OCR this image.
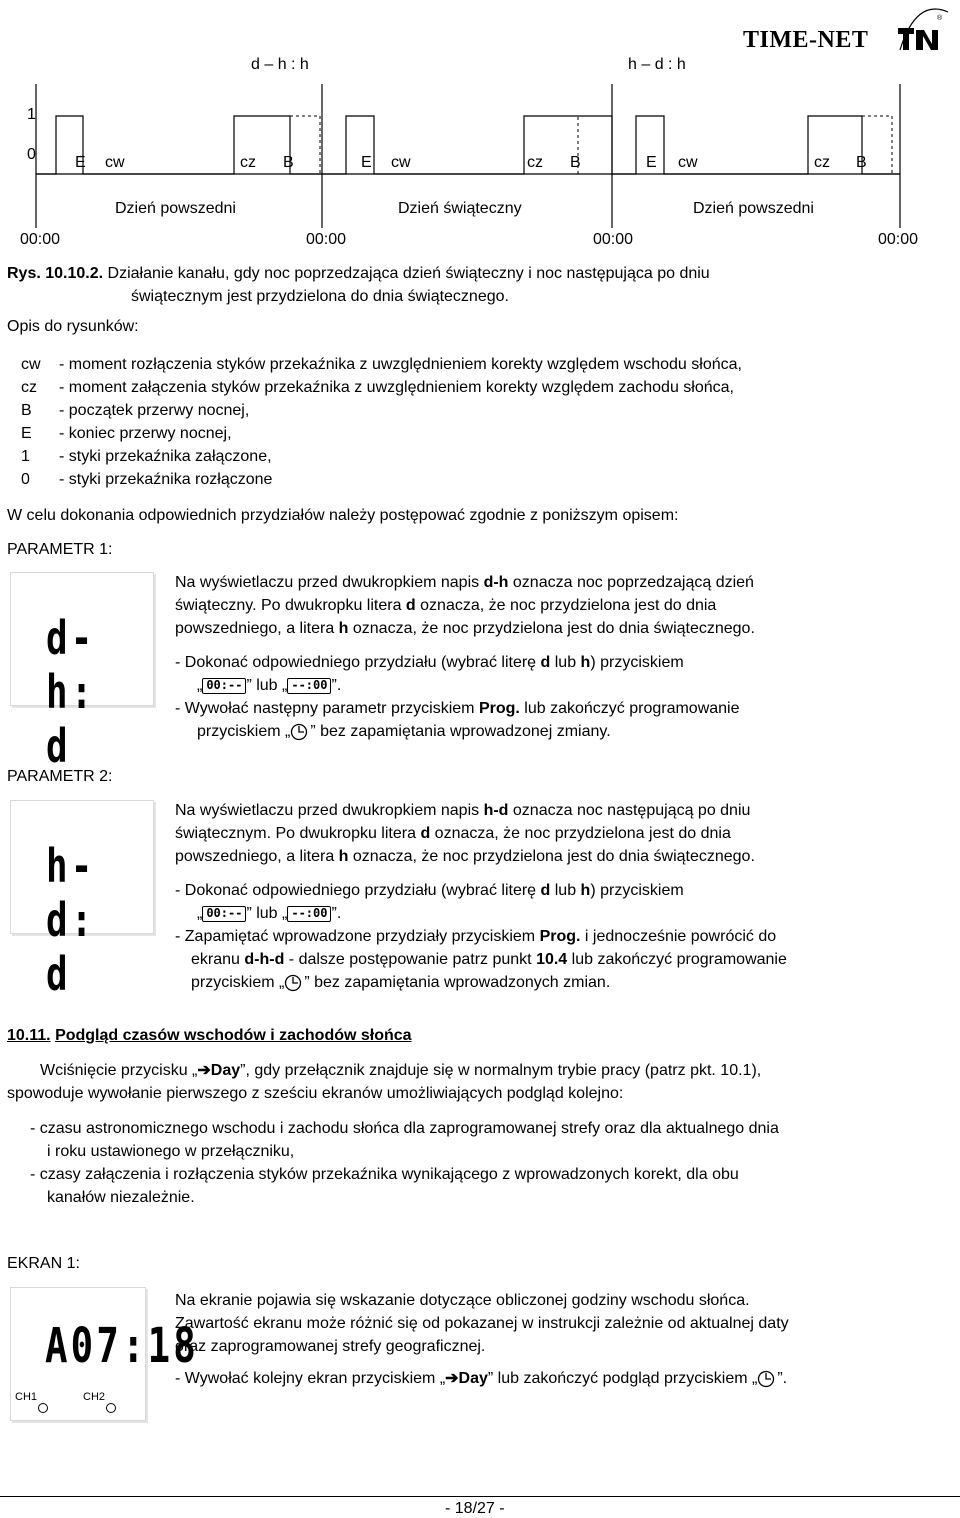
TIME-NET
®
d – h : h	h – d : h
1
0 E cw	cz B	E cw	cz B	E cw	cz B
Dzień powszedni	Dzień świąteczny	Dzień powszedni
00:00	00:00	00:00	00:00
Rys. 10.10.2. Działanie kanału, gdy noc poprzedzająca dzień świąteczny i noc następująca po dniu
świątecznym jest przydzielona do dnia świątecznego.
Opis do rysunków:
cw - moment rozłączenia styków przekaźnika z uwzględnieniem korekty względem wschodu słońca,
cz - moment załączenia styków przekaźnika z uwzględnieniem korekty względem zachodu słońca,
B - początek przerwy nocnej,
E - koniec przerwy nocnej,
1 - styki przekaźnika załączone,
0 - styki przekaźnika rozłączone
W celu dokonania odpowiednich przydziałów należy postępować zgodnie z poniższym opisem:
PARAMETR 1:
d-h: d
Na wyświetlaczu przed dwukropkiem napis d-h oznacza noc poprzedzającą dzień
świąteczny. Po dwukropku litera d oznacza, że noc przydzielona jest do dnia
powszedniego, a litera h oznacza, że noc przydzielona jest do dnia świątecznego.
- Dokonać odpowiedniego przydziału (wybrać literę d lub h) przyciskiem
„ 00:-- ” lub „ --:00 ”.
- Wywołać następny parametr przyciskiem Prog. lub zakończyć programowanie
przyciskiem „ ” bez zapamiętania wprowadzonej zmiany.
PARAMETR 2:
h-d: d
Na wyświetlaczu przed dwukropkiem napis h-d oznacza noc następującą po dniu
świątecznym. Po dwukropku litera d oznacza, że noc przydzielona jest do dnia
powszedniego, a litera h oznacza, że noc przydzielona jest do dnia świątecznego.
- Dokonać odpowiedniego przydziału (wybrać literę d lub h) przyciskiem
„ 00:-- ” lub „ --:00 ”.
- Zapamiętać wprowadzone przydziały przyciskiem Prog. i jednocześnie powrócić do
ekranu d-h-d - dalsze postępowanie patrz punkt 10.4 lub zakończyć programowanie
przyciskiem „ ” bez zapamiętania wprowadzonych zmian.
10.11. Podgląd czasów wschodów i zachodów słońca
Wciśnięcie przycisku „➔Day”, gdy przełącznik znajduje się w normalnym trybie pracy (patrz pkt. 10.1),
spowoduje wywołanie pierwszego z sześciu ekranów umożliwiających podgląd kolejno:
- czasu astronomicznego wschodu i zachodu słońca dla zaprogramowanej strefy oraz dla aktualnego dnia
i roku ustawionego w przełączniku,
- czasy załączenia i rozłączenia styków przekaźnika wynikającego z wprowadzonych korekt, dla obu
kanałów niezależnie.
EKRAN 1:
A07:18
CH1	CH2
Na ekranie pojawia się wskazanie dotyczące obliczonej godziny wschodu słońca.
Zawartość ekranu może różnić się od pokazanej w instrukcji zależnie od aktualnej daty
oraz zaprogramowanej strefy geograficznej.
- Wywołać kolejny ekran przyciskiem „➔Day” lub zakończyć podgląd przyciskiem „ ”.
- 18/27 -
